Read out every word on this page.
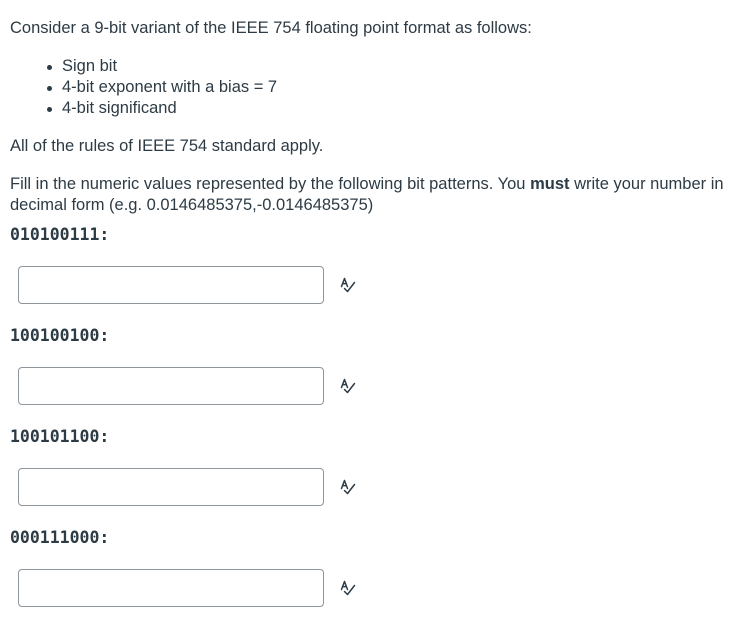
Consider a 9-bit variant of the IEEE 754 floating point format as follows:

Sign bit
4-bit exponent with a bias = 7
4-bit significand

All of the rules of IEEE 754 standard apply.

Fill in the numeric values represented by the following bit patterns. You must write your number in decimal form (e.g. 0.0146485375,-0.0146485375)

010100111:
100100100:
100101100:
000111000:
